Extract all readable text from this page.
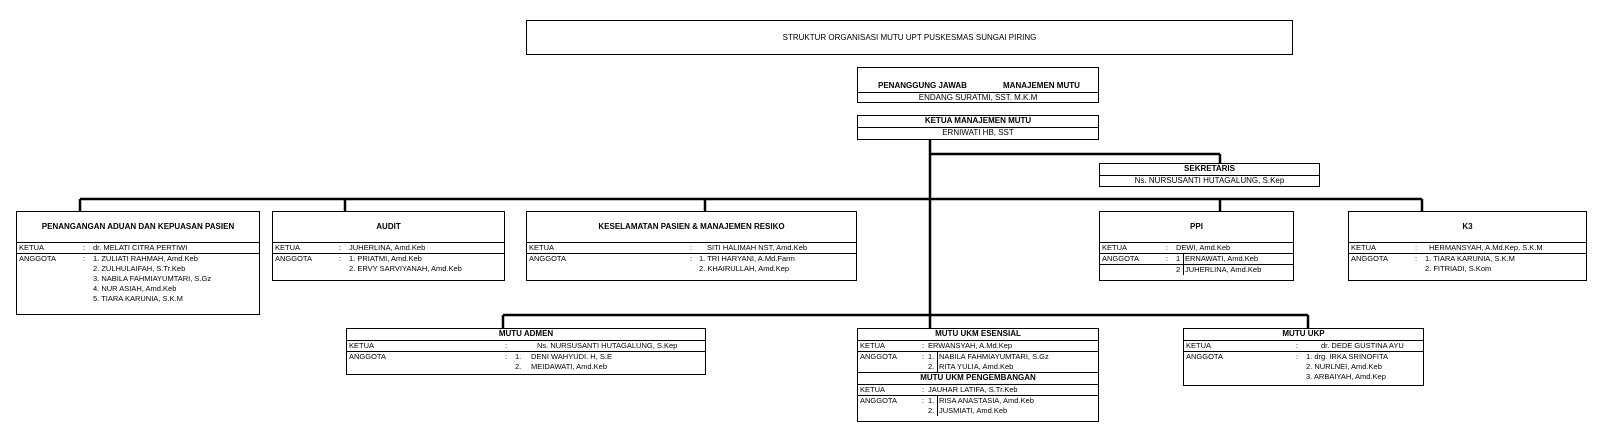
STRUKTUR ORGANISASI MUTU UPT PUSKESMAS SUNGAI PIRING
PENANGGUNG JAWAB	MANAJEMEN MUTU
ENDANG SURATMI, SST. M.K.M
KETUA MANAJEMEN MUTU
ERNIWATI HB, SST
SEKRETARIS
Ns. NURSUSANTI HUTAGALUNG, S.Kep
PENANGANGAN ADUAN DAN KEPUASAN PASIEN
KETUA	: dr. MELATI CITRA PERTIWI
ANGGOTA	: 1. ZULIATI RAHMAH, Amd.Keb
2. ZULHULAIFAH, S.Tr.Keb
3. NABILA FAHMIAYUMTARI, S.Gz
4. NUR ASIAH, Amd.Keb
5. TIARA KARUNIA, S.K.M
AUDIT
KETUA	: JUHERLINA, Amd.Keb
ANGGOTA	: 1. PRIATMI, Amd.Keb
2. ERVY SARVIYANAH, Amd.Keb
KESELAMATAN PASIEN & MANAJEMEN RESIKO
KETUA	: SITI HALIMAH NST, Amd.Keb
ANGGOTA	: 1. TRI HARYANI, A.Md.Farm
2. KHAIRULLAH, Amd.Kep
PPI
KETUA	: DEWI, Amd.Keb
ANGGOTA	: 1 ERNAWATI, Amd.Keb
2 JUHERLINA, Amd.Keb
K3
KETUA	: HERMANSYAH, A.Md.Kep, S.K.M
ANGGOTA	: 1. TIARA KARUNIA, S.K.M
2. FITRIADI, S.Kom
MUTU ADMEN
KETUA	:	Ns. NURSUSANTI HUTAGALUNG, S.Kep
ANGGOTA	: 1. DENI WAHYUDI. H, S.E
2. MEIDAWATI, Amd.Keb
MUTU UKM ESENSIAL
KETUA	: ERWANSYAH, A.Md.Kep
ANGGOTA	: 1. NABILA FAHMIAYUMTARI, S.Gz
2. RITA YULIA, Amd.Keb
MUTU UKM PENGEMBANGAN
KETUA	: JAUHAR LATIFA, S.Tr.Keb
ANGGOTA	: 1. RISA ANASTASIA, Amd.Keb
2. JUSMIATI, Amd.Keb
MUTU UKP
KETUA	:	dr. DEDE GUSTINA AYU
ANGGOTA	: 1. drg. IRKA SRINOFITA
2. NURLNEI, Amd.Keb
3. ARBAIYAH, Amd.Kep
